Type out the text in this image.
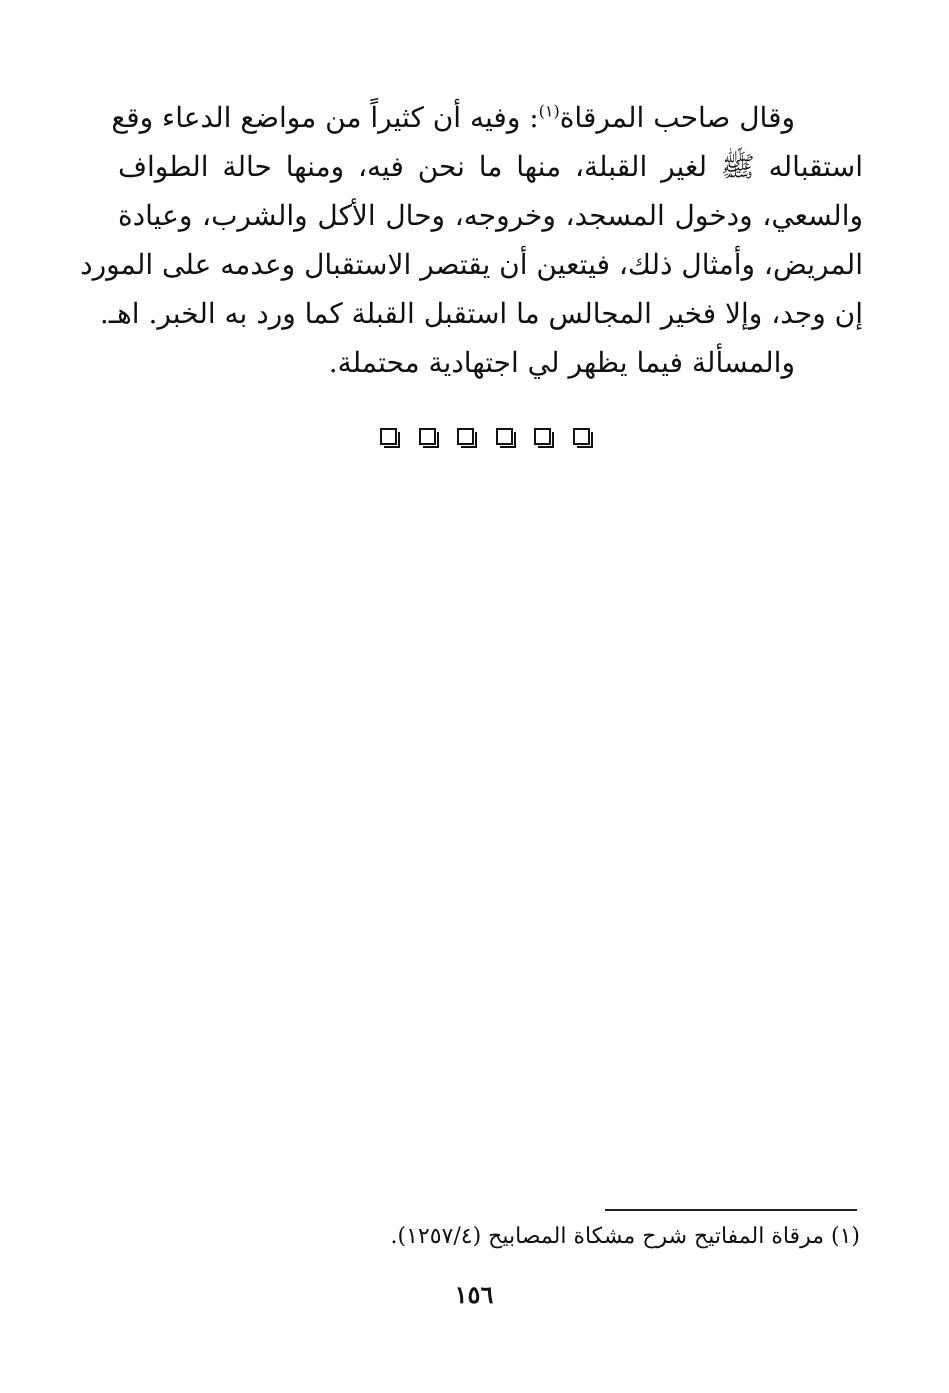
وقال صاحب المرقاة$^{(١)}$: وفيه أن كثيراً من مواضع الدعاء وقع
استقباله ﷺ لغير القبلة، منها ما نحن فيه، ومنها حالة الطواف
والسعي، ودخول المسجد، وخروجه، وحال الأكل والشرب، وعيادة
المريض، وأمثال ذلك، فيتعين أن يقتصر الاستقبال وعدمه على المورد
إن وجد، وإلا فخير المجالس ما استقبل القبلة كما ورد به الخبر. اهـ.
والمسألة فيما يظهر لي اجتهادية محتملة.
(١) مرقاة المفاتيح شرح مشكاة المصابيح (١٢٥٧/٤).
١٥٦
